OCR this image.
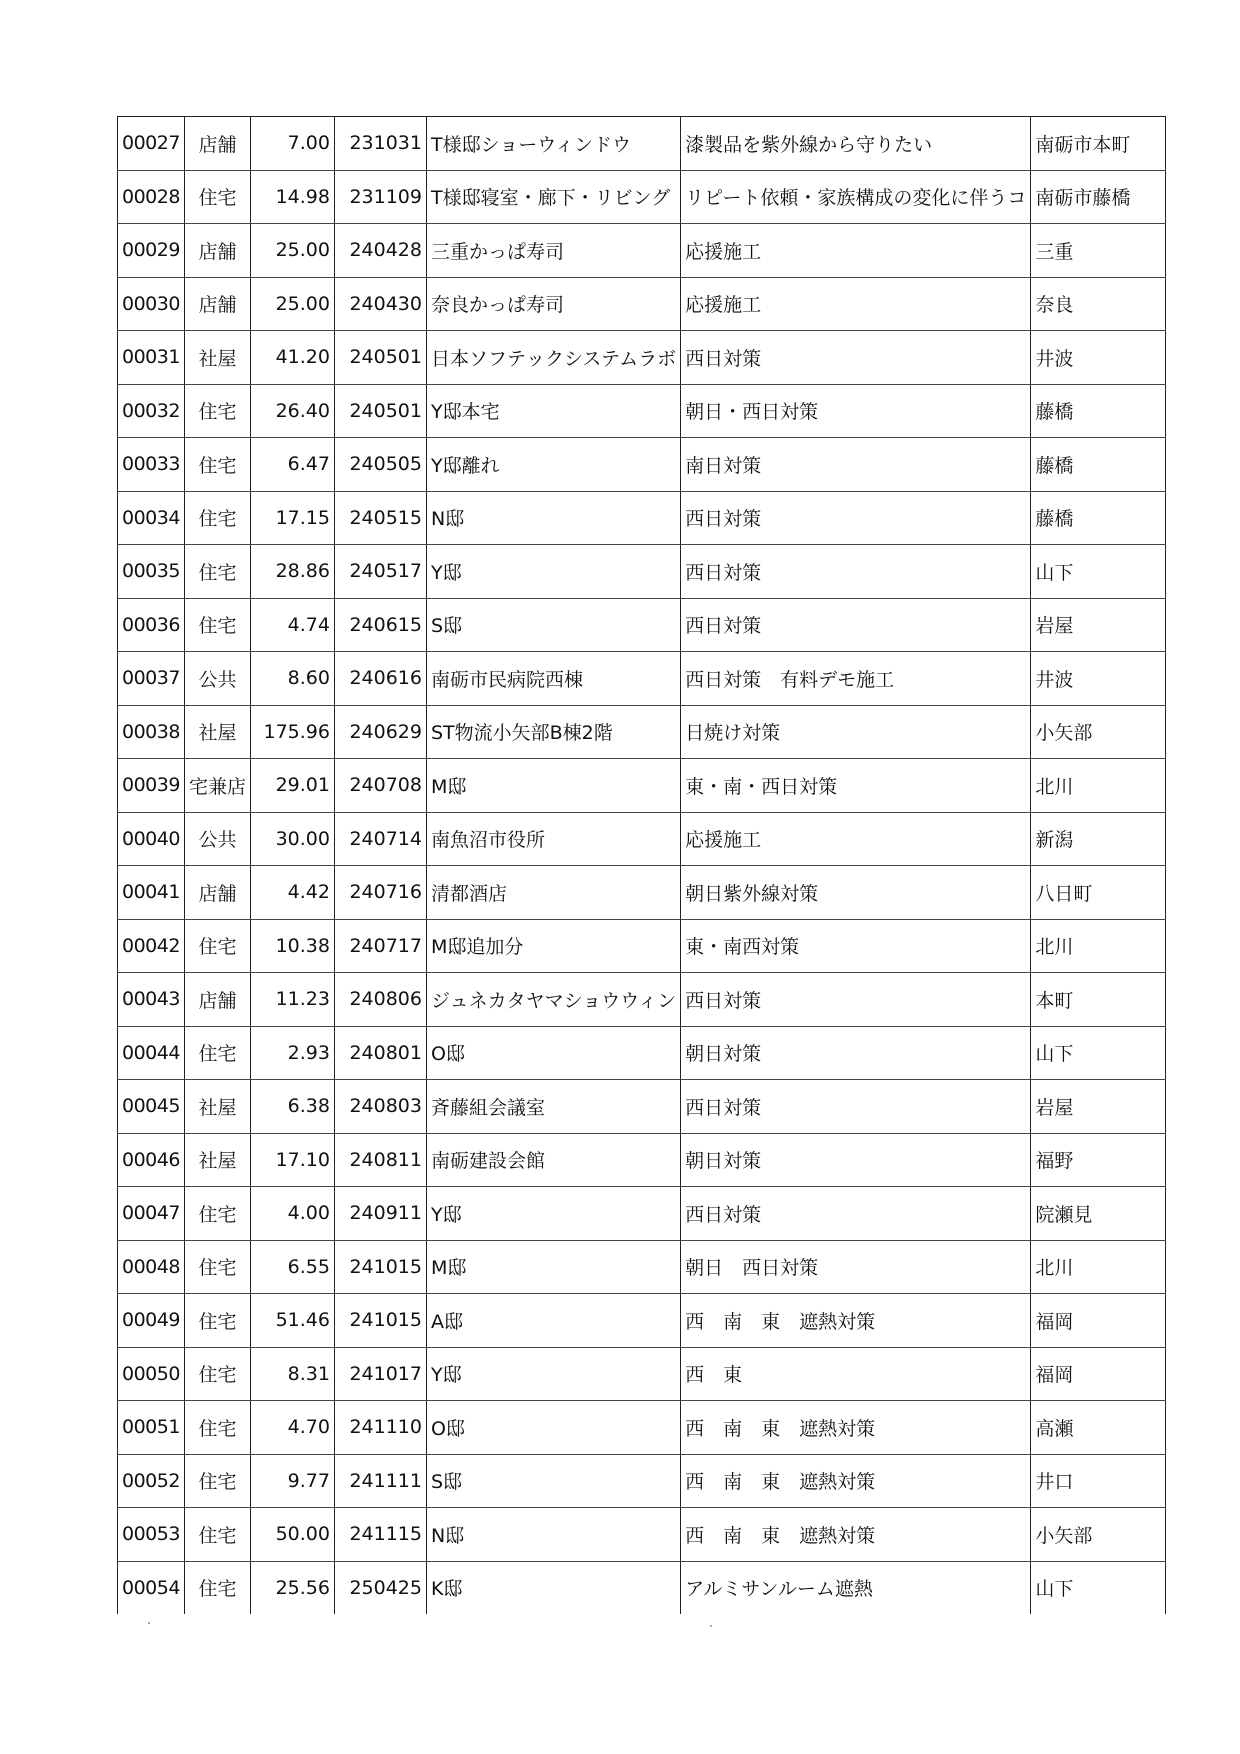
00027	店舗	7.00	231031	T様邸ショーウィンドウ	漆製品を紫外線から守りたい	南砺市本町
00028	住宅	14.98	231109	T様邸寝室・廊下・リビング	リピート依頼・家族構成の変化に伴うコ	南砺市藤橋
00029	店舗	25.00	240428	三重かっぱ寿司	応援施工	三重
00030	店舗	25.00	240430	奈良かっぱ寿司	応援施工	奈良
00031	社屋	41.20	240501	日本ソフテックシステムラボ	西日対策	井波
00032	住宅	26.40	240501	Y邸本宅	朝日・西日対策	藤橋
00033	住宅	6.47	240505	Y邸離れ	南日対策	藤橋
00034	住宅	17.15	240515	N邸	西日対策	藤橋
00035	住宅	28.86	240517	Y邸	西日対策	山下
00036	住宅	4.74	240615	S邸	西日対策	岩屋
00037	公共	8.60	240616	南砺市民病院西棟	西日対策　有料デモ施工	井波
00038	社屋	175.96	240629	ST物流小矢部B棟2階	日焼け対策	小矢部
00039	宅兼店	29.01	240708	M邸	東・南・西日対策	北川
00040	公共	30.00	240714	南魚沼市役所	応援施工	新潟
00041	店舗	4.42	240716	清都酒店	朝日紫外線対策	八日町
00042	住宅	10.38	240717	M邸追加分	東・南西対策	北川
00043	店舗	11.23	240806	ジュネカタヤマショウウィン	西日対策	本町
00044	住宅	2.93	240801	O邸	朝日対策	山下
00045	社屋	6.38	240803	斉藤組会議室	西日対策	岩屋
00046	社屋	17.10	240811	南砺建設会館	朝日対策	福野
00047	住宅	4.00	240911	Y邸	西日対策	院瀬見
00048	住宅	6.55	241015	M邸	朝日　西日対策	北川
00049	住宅	51.46	241015	A邸	西　南　東　遮熱対策	福岡
00050	住宅	8.31	241017	Y邸	西　東	福岡
00051	住宅	4.70	241110	O邸	西　南　東　遮熱対策	高瀬
00052	住宅	9.77	241111	S邸	西　南　東　遮熱対策	井口
00053	住宅	50.00	241115	N邸	西　南　東　遮熱対策	小矢部
00054	住宅	25.56	250425	K邸	アルミサンルーム遮熱	山下
